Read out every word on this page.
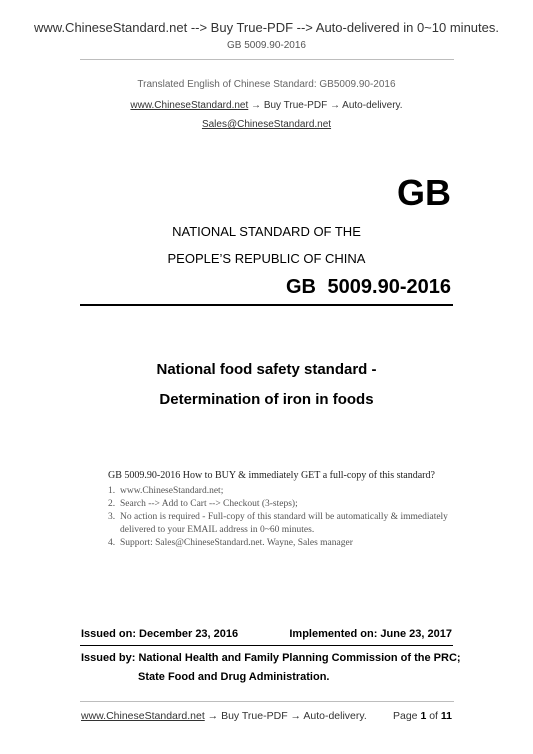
www.ChineseStandard.net --> Buy True-PDF --> Auto-delivered in 0~10 minutes.
GB 5009.90-2016
Translated English of Chinese Standard: GB5009.90-2016
www.ChineseStandard.net → Buy True-PDF → Auto-delivery.
Sales@ChineseStandard.net
GB
NATIONAL STANDARD OF THE
PEOPLE’S REPUBLIC OF CHINA
GB 5009.90-2016
National food safety standard -
Determination of iron in foods
GB 5009.90-2016 How to BUY & immediately GET a full-copy of this standard?
1. www.ChineseStandard.net;
2. Search --> Add to Cart --> Checkout (3-steps);
3. No action is required - Full-copy of this standard will be automatically & immediately delivered to your EMAIL address in 0~60 minutes.
4. Support: Sales@ChineseStandard.net. Wayne, Sales manager
Issued on: December 23, 2016	Implemented on: June 23, 2017
Issued by: National Health and Family Planning Commission of the PRC;
State Food and Drug Administration.
www.ChineseStandard.net → Buy True-PDF → Auto-delivery. Page 1 of 11
